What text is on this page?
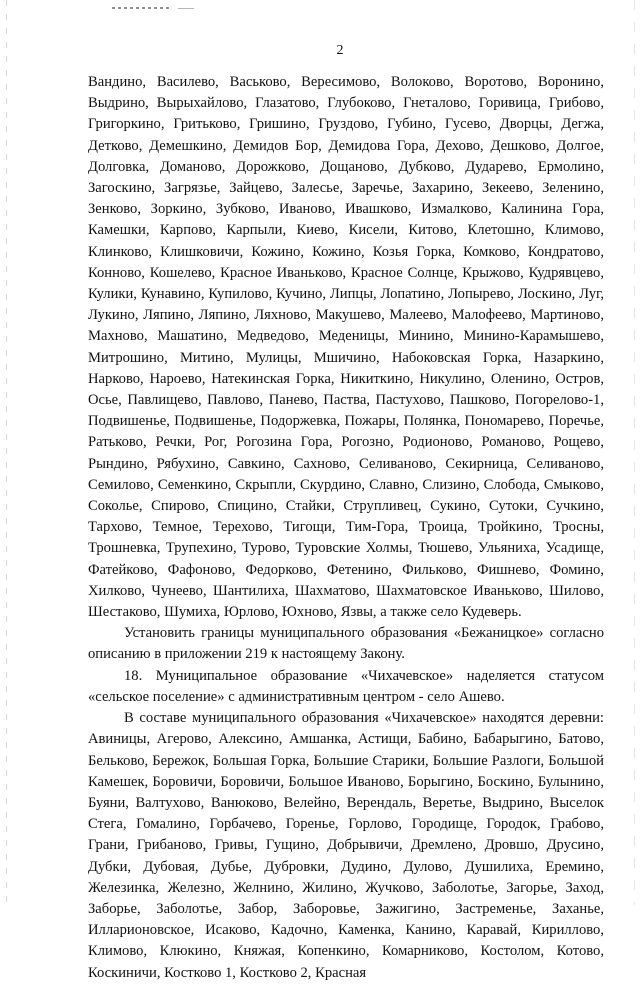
2

Вандино, Василево, Васьково, Вересимово, Волоково, Воротово, Воронино, Выдрино, Вырыхайлово, Глазатово, Глубоково, Гнеталово, Горивица, Грибово, Григоркино, Гритьково, Гришино, Груздово, Губино, Гусево, Дворцы, Дегжа, Детково, Демешкино, Демидов Бор, Демидова Гора, Дехово, Дешково, Долгое, Долговка, Доманово, Дорожково, Дощаново, Дубково, Дударево, Ермолино, Загоскино, Загрязье, Зайцево, Залесье, Заречье, Захарино, Зекеево, Зеленино, Зенково, Зоркино, Зубково, Иваново, Ивашково, Измалково, Калинина Гора, Камешки, Карпово, Карпыли, Киево, Кисели, Китово, Клетошно, Климово, Клинково, Клишковичи, Кожино, Кожино, Козья Горка, Комково, Кондратово, Конново, Кошелево, Красное Иваньково, Красное Солнце, Крыжово, Кудрявцево, Кулики, Кунавино, Купилово, Кучино, Липцы, Лопатино, Лопырево, Лоскино, Луг, Лукино, Ляпино, Ляпино, Ляхново, Макушево, Малеево, Малофеево, Мартиново, Махново, Машатино, Медведово, Меденицы, Минино, Минино-Карамышево, Митрошино, Митино, Мулицы, Мшичино, Набоковская Горка, Назаркино, Нарково, Нароево, Натекинская Горка, Никиткино, Никулино, Оленино, Остров, Осье, Павлищево, Павлово, Панево, Паства, Пастухово, Пашково, Погорелово-1, Подвишенье, Подвишенье, Подоржевка, Пожары, Полянка, Пономарево, Поречье, Ратьково, Речки, Рог, Рогозина Гора, Рогозно, Родионово, Романово, Рощево, Рындино, Рябухино, Савкино, Сахново, Селиваново, Секирница, Селиваново, Семилово, Семенкино, Скрыпли, Скурдино, Славно, Слизино, Слобода, Смыково, Соколье, Спирово, Спицино, Стайки, Струпливец, Сукино, Сутоки, Сучкино, Тархово, Темное, Терехово, Тигощи, Тим-Гора, Троица, Тройкино, Тросны, Трошневка, Трупехино, Турово, Туровские Холмы, Тюшево, Ульяниха, Усадище, Фатейково, Фафоново, Федорково, Фетенино, Фильково, Фишнево, Фомино, Хилково, Чунеево, Шантилиха, Шахматово, Шахматовское Иваньково, Шилово, Шестаково, Шумиха, Юрлово, Юхново, Язвы, а также село Кудеверь.

Установить границы муниципального образования «Бежаницкое» согласно описанию в приложении 219 к настоящему Закону.

18. Муниципальное образование «Чихачевское» наделяется статусом «сельское поселение» с административным центром - село Ашево.

В составе муниципального образования «Чихачевское» находятся деревни: Авиницы, Агерово, Алексино, Амшанка, Астищи, Бабино, Бабарыгино, Батово, Бельково, Бережок, Большая Горка, Большие Старики, Большие Разлоги, Большой Камешек, Боровичи, Боровичи, Большое Иваново, Борыгино, Боскино, Булынино, Буяни, Валтухово, Ванюково, Велейно, Верендаль, Веретье, Выдрино, Выселок Стега, Гомалино, Горбачево, Горенье, Горлово, Городище, Городок, Грабово, Грани, Грибаново, Гривы, Гущино, Добрывичи, Дремлено, Дровшо, Друсино, Дубки, Дубовая, Дубье, Дубровки, Дудино, Дулово, Душилиха, Еремино, Железинка, Железно, Желнино, Жилино, Жучково, Заболотье, Загорье, Заход, Заборье, Заболотье, Забор, Заборовье, Зажигино, Застременье, Заханье, Илларионовское, Исаково, Кадочно, Каменка, Канино, Каравай, Кириллово, Климово, Клюкино, Княжая, Копенкино, Комарниково, Костолом, Котово, Коскиничи, Костково 1, Костково 2, Красная
